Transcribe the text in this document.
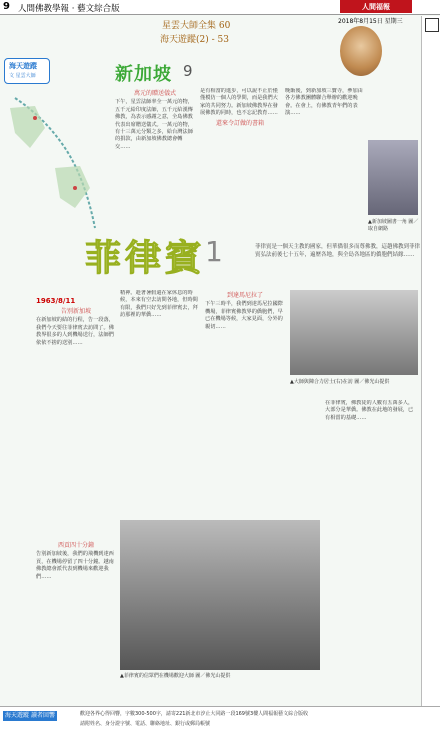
9 人間佛教學報 · 藝文綜合版	人間福報
2018年8月15日 星期三
星雲大師全集 60
海天遊蹤(2) - 53
海天遊蹤
文 星雲大師	新加坡 9
萬元的贈送儀式

下午，星雲法師率全一萬元的物，五千元給印度法師，五千元給漢傳佛教，為表示感謝之意，全島佛教代表出席贈送儀式。一萬元的物，有十三萬元分類之多，給台灣法師的捐款，由新加坡佛教總會轉交……

是有相當的進步，可以說不止於僅僅模仿一個人的學問，而是我們大家的共同努力。新加坡佛教界在發展佛教的同時，也不忘記教育……

還來令訂做的書箱

晚飯後，到新加坡三寶寺，參加由各方佛教團體聯合舉辦的歡迎晚會。在會上，有佛教青年們的表演……

▲新加坡圖書一角 圖／取自網路
菲律賓 1	菲律賓是一個天主教的國家，但華僑很多而尊佛教，這趟佛教到菲律賓弘法前後七十五年，遍歷各地，與全島各地區的僑胞們結緣……
1963/8/11
告別新加坡

在新加坡的結的行程，告一段落，我們今天要往菲律賓去訪問了。佛教界很多的人到機場送行，法師們依依不捨的送別……

西貢四十分鐘

告別新加坡後，我們的飛機到達西貢，在機場停留了四十分鐘。越南佛教總會派代表到機場來歡迎我們……

精神。趁著暑假還在家休息的時候，本來有空去訪問各地，但時間有限，我們只好先到菲律賓去，拜訪那裡的華僑……

到達馬尼拉了

下午三時半，我們到達馬尼拉國際機場，菲律賓佛教界的僑胞們，早已在機場等候，大家見面，分外的親切……

▲大師與陳合力居士(右)在訪 圖／佛光山提供
▲菲律賓的信眾們在機場歡迎大師 圖／佛光山提供

在菲律賓，佛教徒的人數有五萬多人，大部分是華僑。佛教在此地的發展，已有相當的基礎……

海天遊蹤 讀者回響	歡迎各界心得回響，字數300-500字，請寄221新北市汐止大同路一段169號3樓人間福報藝文綜合版收
請附姓名、身分證字號、電話、聯絡地址、銀行或郵局帳號
